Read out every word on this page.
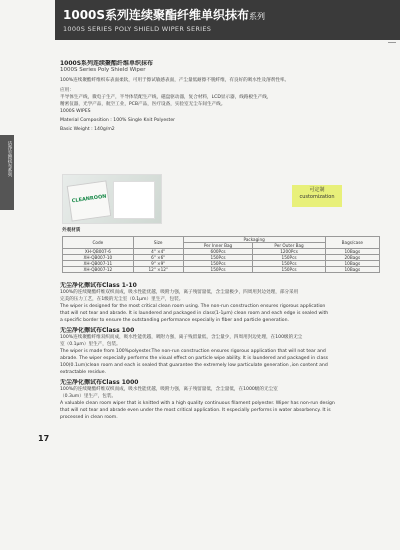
1000S系列连续聚酯纤维单织抹布系列
1000S SERIES POLY SHIELD WIPER SERIES
洁净室擦拭布系列

1000S系列连续聚酯纤维单织抹布

1000S Series Poly Shield Wiper

100%连续聚酯纤维织布表面柔软，可用于擦试敏感表面，产尘量低耐擦不脱纤维，有良好的吸水性及溶剂性率。

应用：

半导体生产线，微电子生产，半导体装配生产线，磁盘驱动器，复合材料，LCD显示器，线路板生产线，

精密仪器，光学产品，航空工业，PCB产品，医疗设备，实验室无尘车间生产线。

1000S WIPES

Material Composition : 100% Single Knit Polyester

Basic Weight : 140g/m2

CLEANROON
可定制
customization
外观材质
Code	Size	Packaging		Bags/case
		Per Inner Bag	Per Outer Bag	
XH-QB007-6	4" ×4"	600Pcs	1200Pcs	10Bags
XH-QB007-10	6" ×6"	150Pcs	150Pcs	20Bags
XH-QB007-11	9" ×9"	150Pcs	150Pcs	10Bags
XH-QB007-12	12" ×12"	150Pcs	150Pcs	10Bags

无尘净化擦试布Class 1-10

100%的连续聚酯纤维双织而成，吸水性能优越，吸附力强，离子残留量低，含尘量极少，四周用封边处理，部分采用

完美的压力工艺，在1级的无尘室（0.1μm）里生产，包装。

The wiper is designed for the most critical clean room using. The non-run construction ensures rigorous application

that will not tear and abrade. It is laundered and packaged in class(1-1μm) clean room and each edge is sealed with

a specific border to ensure the outstanding performance especially in fiber and particle generation.

无尘净化擦试布Class 100

100%连续聚酯纤维双织而成，吸水性能优越，吸附力强，离子残留量低，含尘量少，四周用封边处理，在100级的无尘

室（0.1μm）里生产，包装。

The wiper is made from 100%polyester.The non-run construction ensures rigorous application that will not tear and

abrade. The wiper especially performs the visual effect on particle wipe ability. It is laundered and packaged in class

100(0.1um)clean room and each is sealed that guarantee the extremely low particulate generation ,ion content and

extractable residue.

无尘净化擦试布Class 1000

100%的连续聚酯纤维双织而成，吸水性能优越，吸附力强，离子残留量低，含尘量低，在1000级的无尘室

（0.3um）里生产，包装。

A valuable clean room wiper that is knitted with a high quality continuous filament polyester. Wiper has non-run design

that will not tear and abrade even under the most critical application. It especially performs in water absorbency. It is

processed in clean room.

17
